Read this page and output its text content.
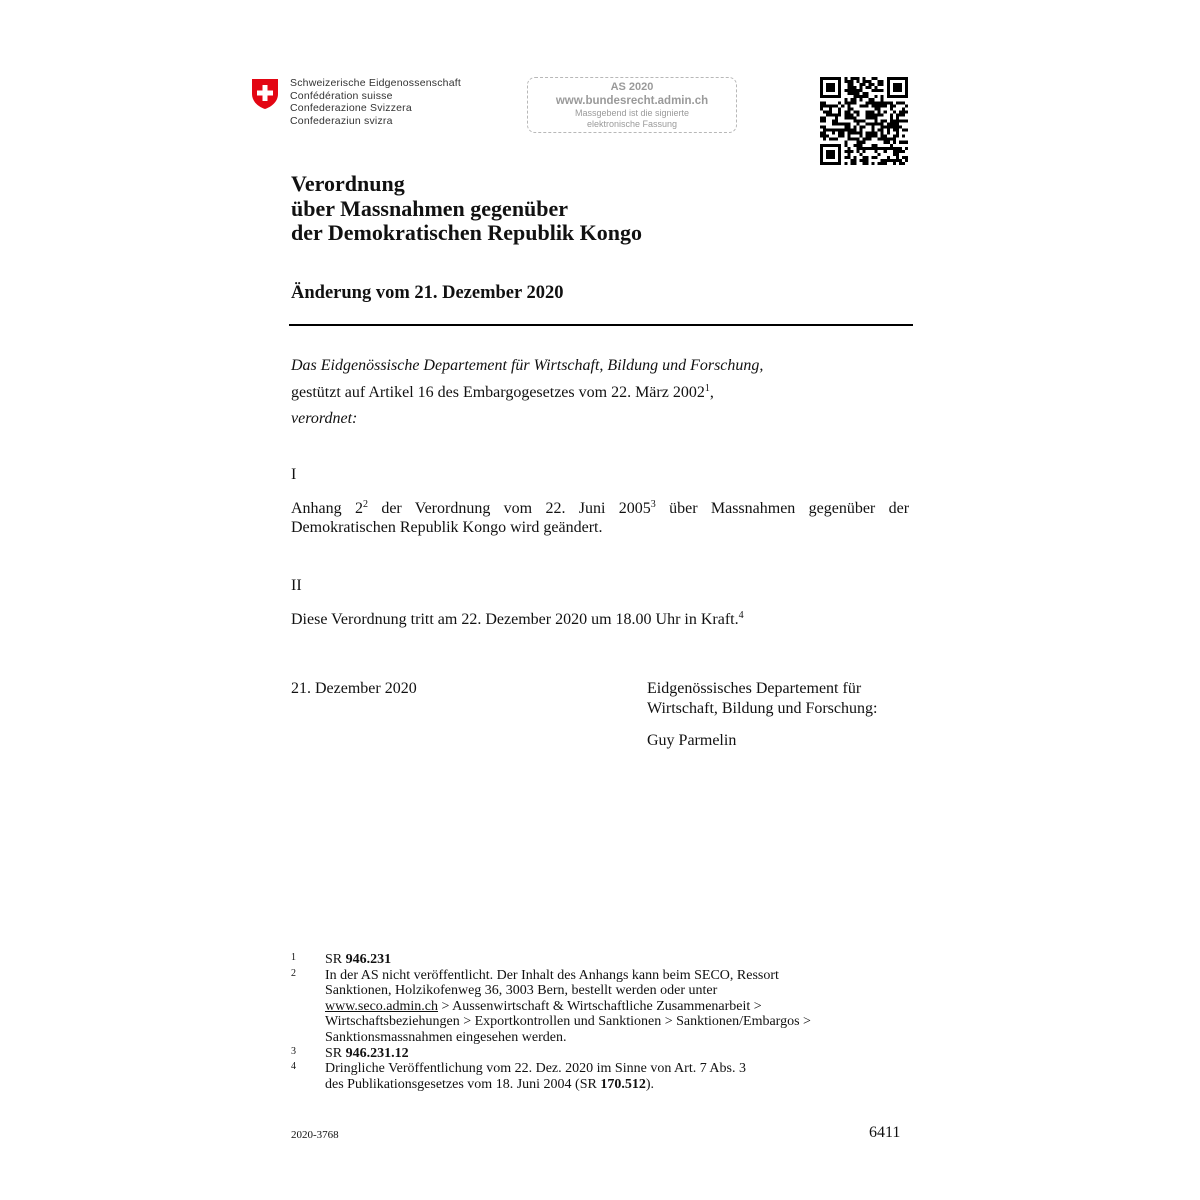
Schweizerische Eidgenossenschaft
Confédération suisse
Confederazione Svizzera
Confederaziun svizra
AS 2020
www.bundesrecht.admin.ch
Massgebend ist die signierte
elektronische Fassung
Verordnung
über Massnahmen gegenüber
der Demokratischen Republik Kongo
Änderung vom 21. Dezember 2020
Das Eidgenössische Departement für Wirtschaft, Bildung und Forschung,
gestützt auf Artikel 16 des Embargogesetzes vom 22. März 2002$^1$,
verordnet:
I
Anhang $2^2$ der Verordnung vom 22. Juni 2005$^3$ über Massnahmen gegenüber der Demokratischen Republik Kongo wird geändert.
II
Diese Verordnung tritt am 22. Dezember 2020 um 18.00 Uhr in Kraft.$^4$
21. Dezember 2020	Eidgenössisches Departement für
Wirtschaft, Bildung und Forschung:
Guy Parmelin
1	SR 946.231
2	In der AS nicht veröffentlicht. Der Inhalt des Anhangs kann beim SECO, Ressort
Sanktionen, Holzikofenweg 36, 3003 Bern, bestellt werden oder unter
www.seco.admin.ch > Aussenwirtschaft & Wirtschaftliche Zusammenarbeit >
Wirtschaftsbeziehungen > Exportkontrollen und Sanktionen > Sanktionen/Embargos >
Sanktionsmassnahmen eingesehen werden.
3	SR 946.231.12
4	Dringliche Veröffentlichung vom 22. Dez. 2020 im Sinne von Art. 7 Abs. 3
des Publikationsgesetzes vom 18. Juni 2004 (SR 170.512).
2020-3768	6411
